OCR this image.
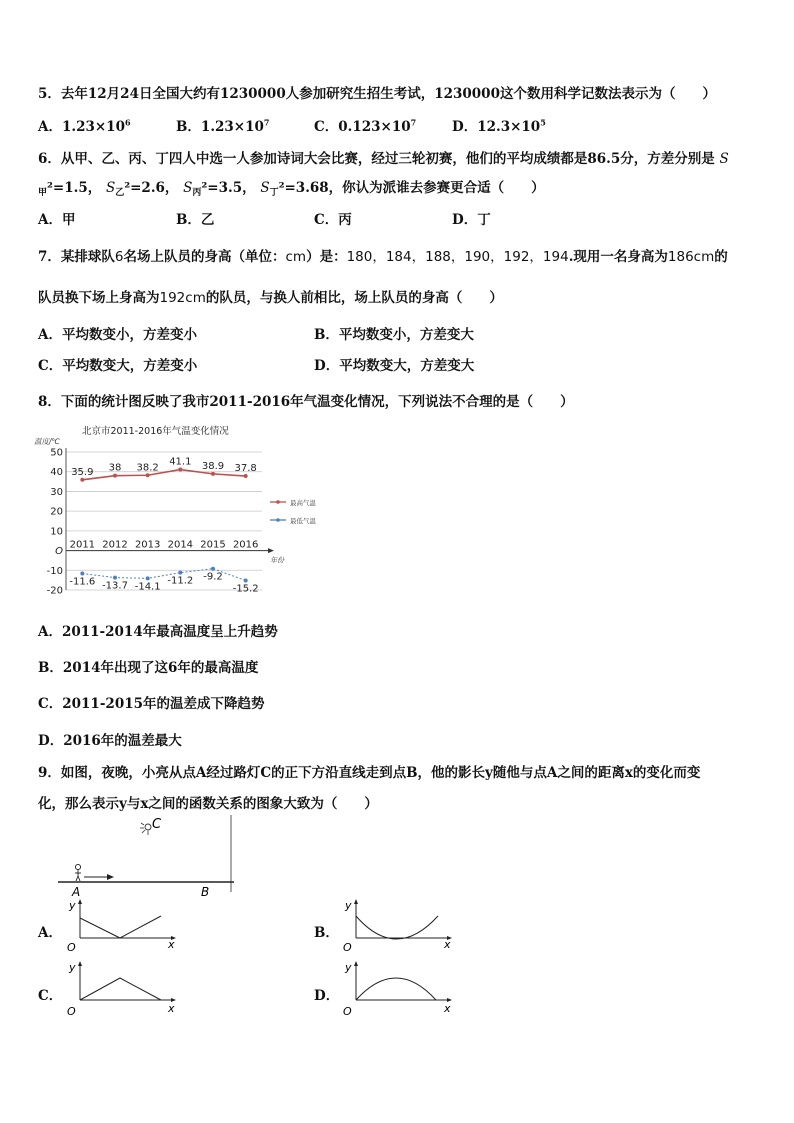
5．去年12月24日全国大约有1230000人参加研究生招生考试，1230000这个数用科学记数法表示为（　　）
A．$1.23\times 10^6$	B．$1.23\times 10^7$	C．$0.123\times 10^7$	D．$12.3\times 10^5$
6．从甲、乙、丙、丁四人中选一人参加诗词大会比赛，经过三轮初赛，他们的平均成绩都是86.5分，方差分别是 S
$_甲$²=1.5， $S_乙^2=2.6$， $S_丙^2=3.5$， $S_丁^2=3.68$，你认为派谁去参赛更合适（　　）
A．甲	B．乙	C．丙	D．丁
7．某排球队6名场上队员的身高（单位：cm）是：180，184，188，190，192，194.现用一名身高为186cm的
队员换下场上身高为192cm的队员，与换人前相比，场上队员的身高（　　）
A．平均数变小，方差变小	B．平均数变小，方差变大
C．平均数变大，方差变小	D．平均数变大，方差变大
8．下面的统计图反映了我市2011-2016年气温变化情况，下列说法不合理的是（　　）
北京市2011-2016年气温变化情况
温度/℃
50
40
30
20
10
O
-10
-20
年份
2011 2012 2013 2014 2015 2016
35.9 38 38.2
41.1 38.9 37.8
-11.6 -13.7 -14.1
-11.2 -9.2
-15.2
最高气温
最低气温
A．2011-2014年最高温度呈上升趋势
B．2014年出现了这6年的最高温度
C．2011-2015年的温差成下降趋势
D．2016年的温差最大
9．如图，夜晚，小亮从点A经过路灯C的正下方沿直线走到点B，他的影长y随他与点A之间的距离x的变化而变
化，那么表示y与x之间的函数关系的图象大致为（　　）
C
A	B
A．	B．
C．	D．
y
x
O
y
x
O
y
x
O
y
x
O
